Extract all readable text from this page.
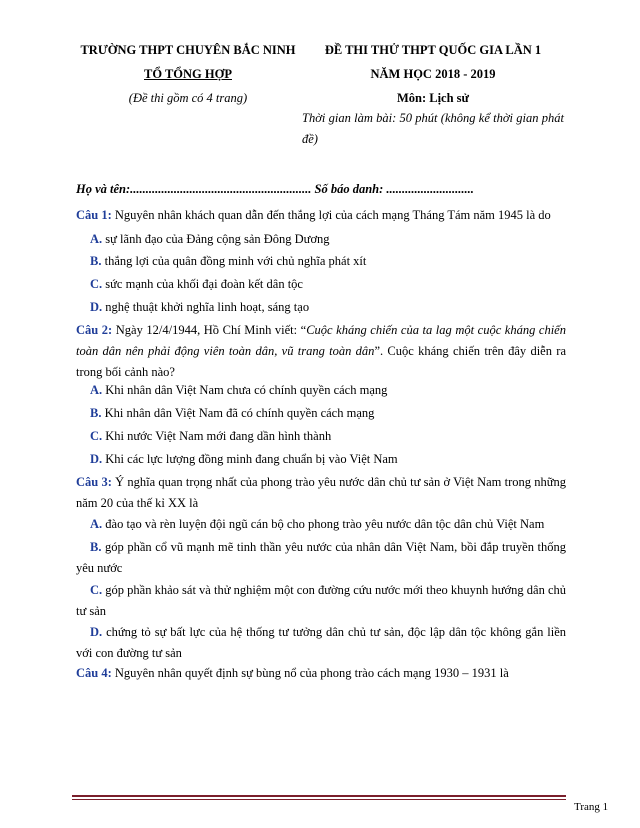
TRƯỜNG THPT CHUYÊN BẮC NINH
TỔ TỔNG HỢP
(Đề thi gồm có 4 trang)
ĐỀ THI THỬ THPT QUỐC GIA LẦN 1
NĂM HỌC 2018 - 2019
Môn: Lịch sử
Thời gian làm bài: 50 phút (không kể thời gian phát đề)
Họ và tên:.......................................................... Số báo danh: ............................
Câu 1: Nguyên nhân khách quan dẫn đến thắng lợi của cách mạng Tháng Tám năm 1945 là do
A. sự lãnh đạo của Đảng cộng sản Đông Dương
B. thắng lợi của quân đồng minh với chủ nghĩa phát xít
C. sức mạnh của khối đại đoàn kết dân tộc
D. nghệ thuật khởi nghĩa linh hoạt, sáng tạo
Câu 2: Ngày 12/4/1944, Hồ Chí Minh viết: “Cuộc kháng chiến của ta lag một cuộc kháng chiến toàn dân nên phải động viên toàn dân, vũ trang toàn dân”. Cuộc kháng chiến trên đây diễn ra trong bối cảnh nào?
A. Khi nhân dân Việt Nam chưa có chính quyền cách mạng
B. Khi nhân dân Việt Nam đã có chính quyền cách mạng
C. Khi nước Việt Nam mới đang dần hình thành
D. Khi các lực lượng đồng minh đang chuẩn bị vào Việt Nam
Câu 3: Ý nghĩa quan trọng nhất của phong trào yêu nước dân chủ tư sản ở Việt Nam trong những năm 20 của thế kỉ XX là
A. đào tạo và rèn luyện đội ngũ cán bộ cho phong trào yêu nước dân tộc dân chủ Việt Nam
B. góp phần cổ vũ mạnh mẽ tinh thần yêu nước của nhân dân Việt Nam, bồi đắp truyền thống yêu nước
C. góp phần khảo sát và thử nghiệm một con đường cứu nước mới theo khuynh hướng dân chủ tư sản
D. chứng tỏ sự bất lực của hệ thống tư tưởng dân chủ tư sản, độc lập dân tộc không gắn liền với con đường tư sản
Câu 4: Nguyên nhân quyết định sự bùng nổ của phong trào cách mạng 1930 – 1931 là
Trang 1
